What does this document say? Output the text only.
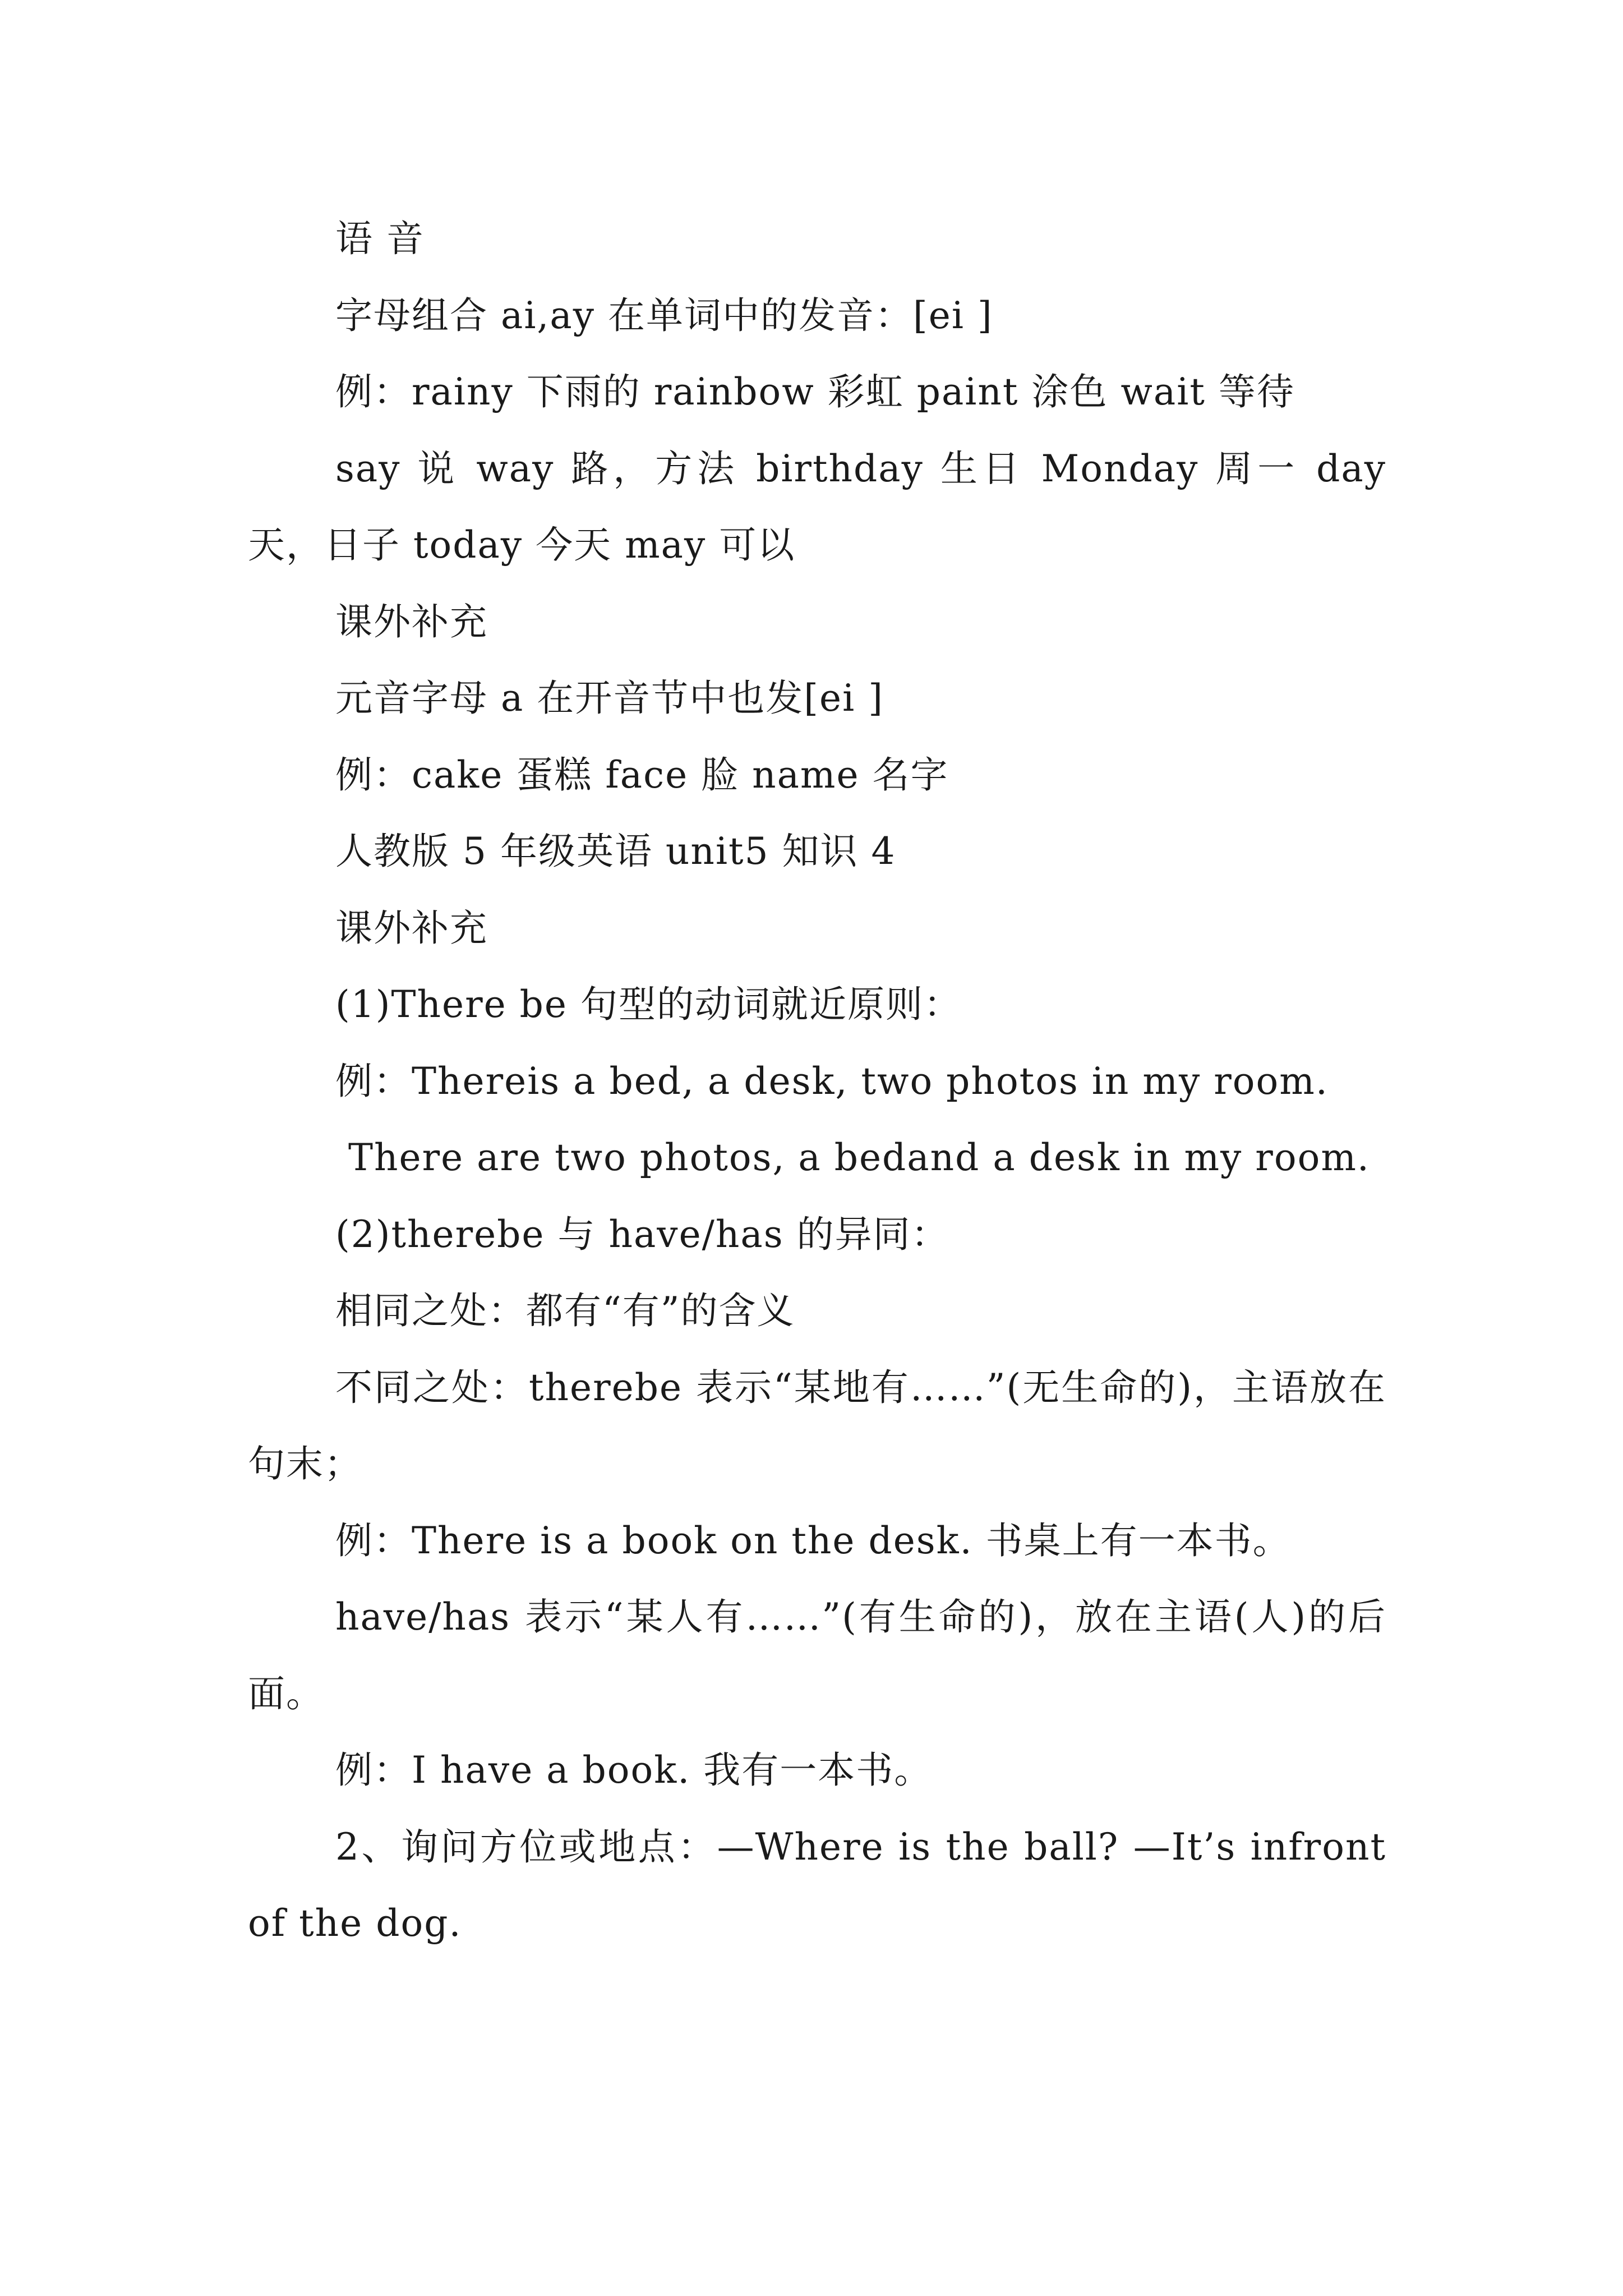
语 音

字母组合 ai,ay 在单词中的发音：[ei ]

例：rainy 下雨的 rainbow 彩虹 paint 涂色 wait 等待

say 说 way 路，方法 birthday 生日 Monday 周一 day 天，日子 today 今天 may 可以

课外补充

元音字母 a 在开音节中也发[ei ]

例：cake 蛋糕 face 脸 name 名字

人教版 5 年级英语 unit5 知识 4

课外补充

(1)There be 句型的动词就近原则：

例：Thereis a bed, a desk, two photos in my room.

There are two photos, a bedand a desk in my room.

(2)therebe 与 have/has 的异同：

相同之处：都有“有”的含义

不同之处：therebe 表示“某地有……”(无生命的)，主语放在句末；

例：There is a book on the desk. 书桌上有一本书。

have/has 表示“某人有……”(有生命的)，放在主语(人)的后面。

例：I have a book. 我有一本书。

2、询问方位或地点：—Where is the ball? —It’s infront of the dog.
